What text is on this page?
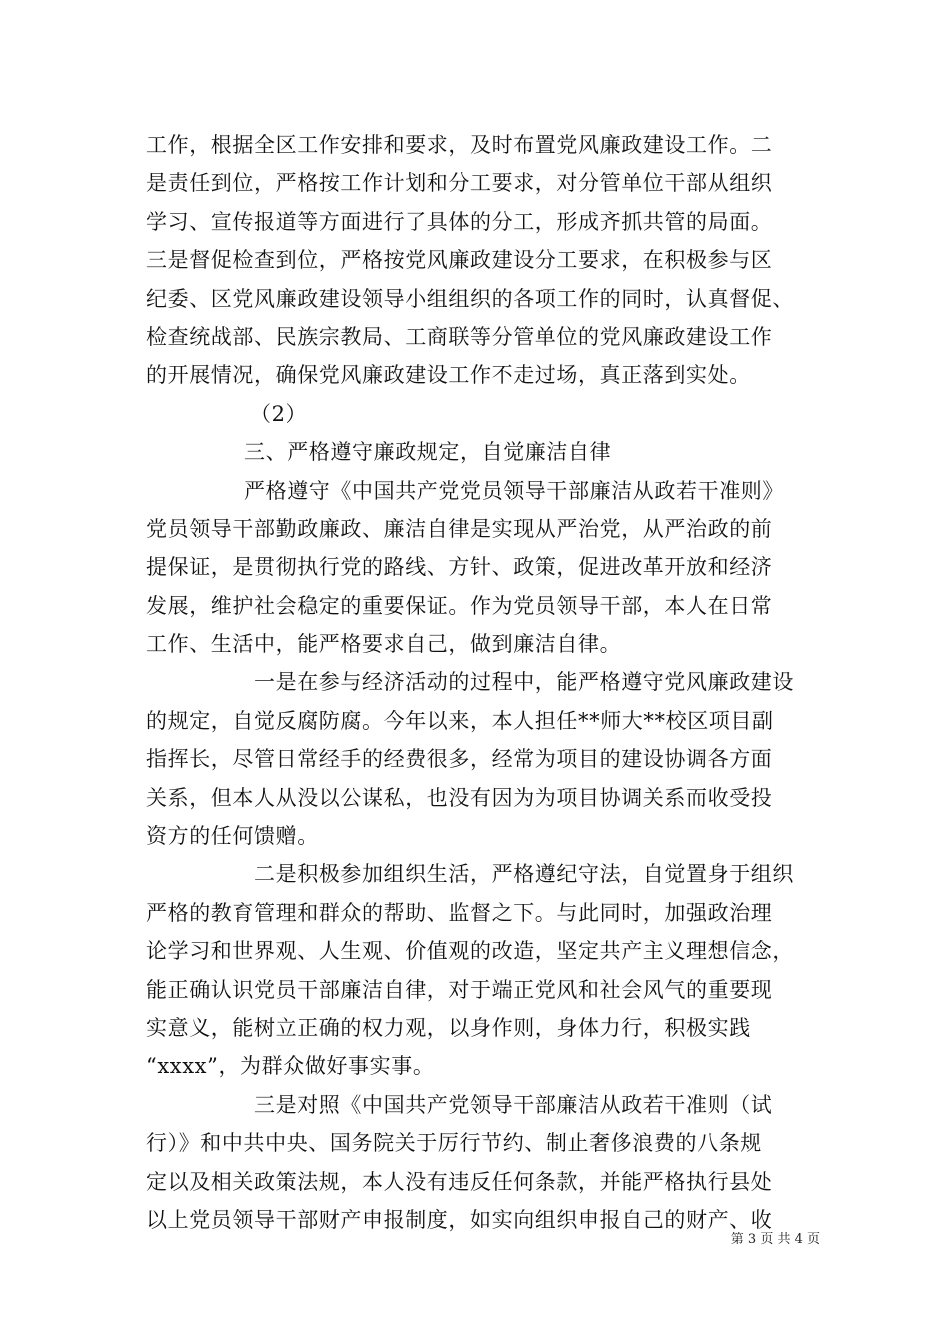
工作，根据全区工作安排和要求，及时布置党风廉政建设工作。二
是责任到位，严格按工作计划和分工要求，对分管单位干部从组织
学习、宣传报道等方面进行了具体的分工，形成齐抓共管的局面。
三是督促检查到位，严格按党风廉政建设分工要求，在积极参与区
纪委、区党风廉政建设领导小组组织的各项工作的同时，认真督促、
检查统战部、民族宗教局、工商联等分管单位的党风廉政建设工作
的开展情况，确保党风廉政建设工作不走过场，真正落到实处。
（2）
三、严格遵守廉政规定，自觉廉洁自律
严格遵守《中国共产党党员领导干部廉洁从政若干准则》
党员领导干部勤政廉政、廉洁自律是实现从严治党，从严治政的前
提保证，是贯彻执行党的路线、方针、政策，促进改革开放和经济
发展，维护社会稳定的重要保证。作为党员领导干部，本人在日常
工作、生活中，能严格要求自己，做到廉洁自律。
一是在参与经济活动的过程中，能严格遵守党风廉政建设
的规定，自觉反腐防腐。今年以来，本人担任**师大**校区项目副
指挥长，尽管日常经手的经费很多，经常为项目的建设协调各方面
关系，但本人从没以公谋私，也没有因为为项目协调关系而收受投
资方的任何馈赠。
二是积极参加组织生活，严格遵纪守法，自觉置身于组织
严格的教育管理和群众的帮助、监督之下。与此同时，加强政治理
论学习和世界观、人生观、价值观的改造，坚定共产主义理想信念，
能正确认识党员干部廉洁自律，对于端正党风和社会风气的重要现
实意义，能树立正确的权力观，以身作则，身体力行，积极实践
“xxxx”，为群众做好事实事。
三是对照《中国共产党领导干部廉洁从政若干准则（试
行）》和中共中央、国务院关于厉行节约、制止奢侈浪费的八条规
定以及相关政策法规，本人没有违反任何条款，并能严格执行县处
以上党员领导干部财产申报制度，如实向组织申报自己的财产、收
第 3 页 共 4 页
